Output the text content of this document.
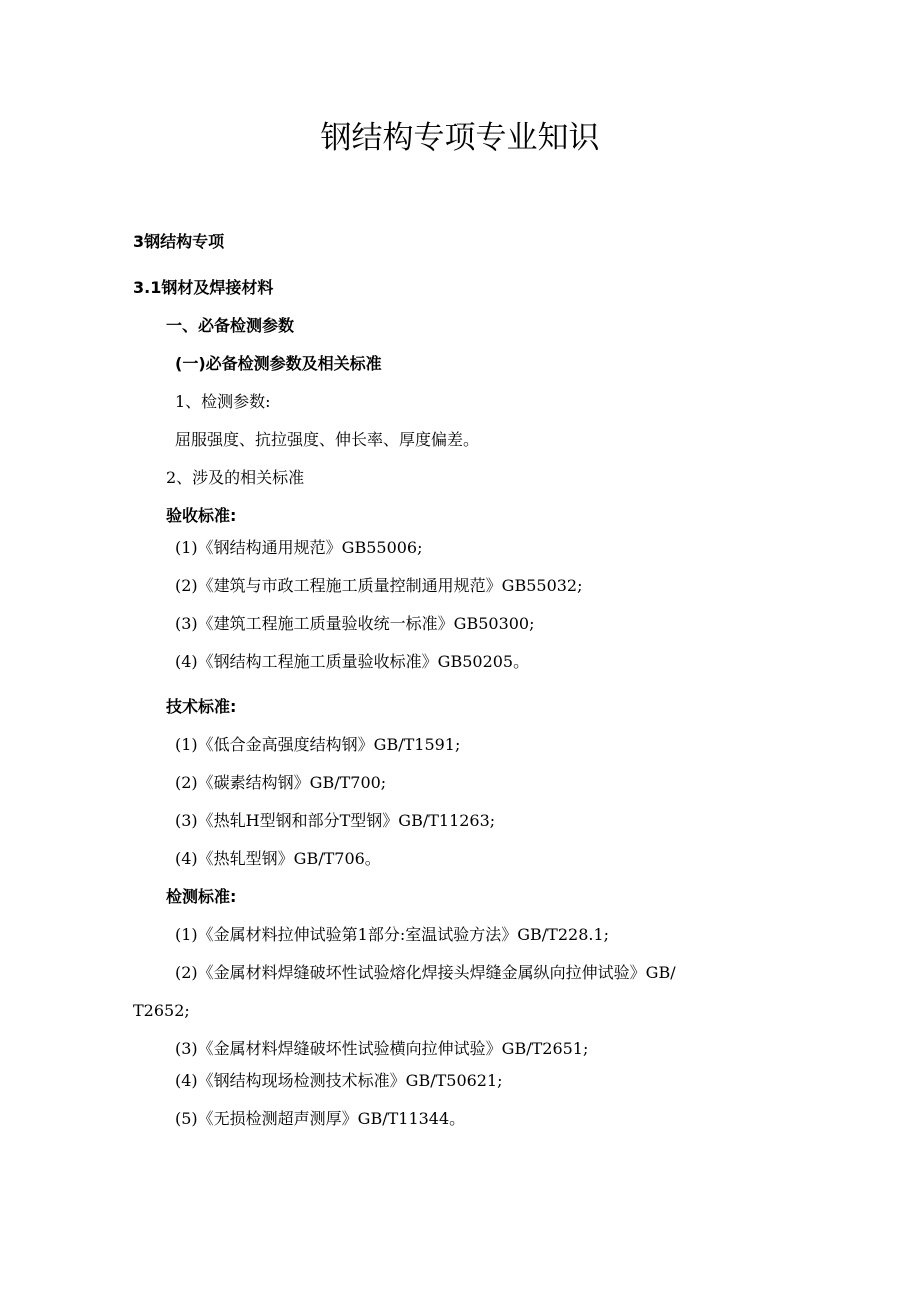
钢结构专项专业知识
3钢结构专项
3.1钢材及焊接材料
一、必备检测参数
(一)必备检测参数及相关标准
1、检测参数:
屈服强度、抗拉强度、伸长率、厚度偏差。
2、涉及的相关标准
验收标准:
(1)《钢结构通用规范》GB55006;
(2)《建筑与市政工程施工质量控制通用规范》GB55032;
(3)《建筑工程施工质量验收统一标准》GB50300;
(4)《钢结构工程施工质量验收标准》GB50205。
技术标准:
(1)《低合金高强度结构钢》GB/T1591;
(2)《碳素结构钢》GB/T700;
(3)《热轧H型钢和部分T型钢》GB/T11263;
(4)《热轧型钢》GB/T706。
检测标准:
(1)《金属材料拉伸试验第1部分:室温试验方法》GB/T228.1;
(2)《金属材料焊缝破坏性试验熔化焊接头焊缝金属纵向拉伸试验》GB/
T2652;
(3)《金属材料焊缝破坏性试验横向拉伸试验》GB/T2651;
(4)《钢结构现场检测技术标准》GB/T50621;
(5)《无损检测超声测厚》GB/T11344。
